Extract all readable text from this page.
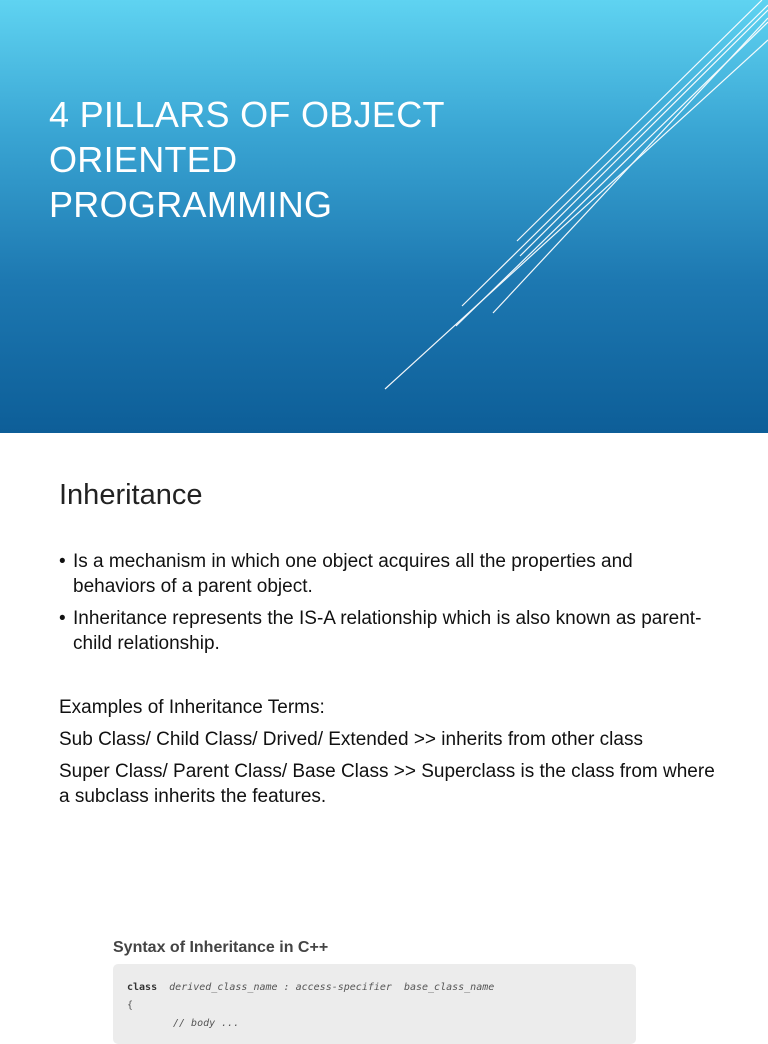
4 PILLARS OF OBJECT
ORIENTED
PROGRAMMING
Inheritance
• Is a mechanism in which one object acquires all the properties and behaviors of a parent object.
• Inheritance represents the IS-A relationship which is also known as parent-child relationship.

Examples of Inheritance Terms:

Sub Class/ Child Class/ Drived/ Extended >> inherits from other class

Super Class/ Parent Class/ Base Class >> Superclass is the class from where a subclass inherits the features.

Syntax of Inheritance in C++
class derived_class_name : access-specifier  base_class_name
{
// body ...
